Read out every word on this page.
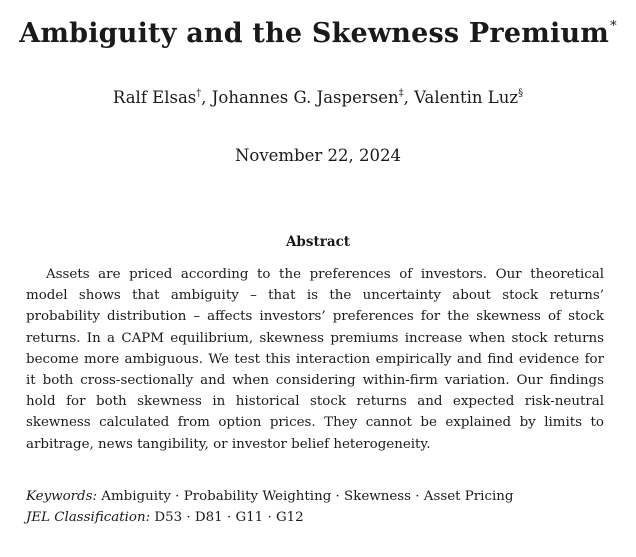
Ambiguity and the Skewness Premium*
Ralf Elsas†, Johannes G. Jaspersen‡, Valentin Luz§
November 22, 2024
Abstract
Assets are priced according to the preferences of investors. Our theoretical model shows that ambiguity – that is the uncertainty about stock returns’ probability distribution – affects investors’ preferences for the skewness of stock returns. In a CAPM equilibrium, skewness premiums increase when stock returns become more ambiguous. We test this interaction empirically and find evidence for it both cross-sectionally and when considering within-firm variation. Our findings hold for both skewness in historical stock returns and expected risk-neutral skewness calculated from option prices. They cannot be explained by limits to arbitrage, news tangibility, or investor belief heterogeneity.
Keywords: Ambiguity · Probability Weighting · Skewness · Asset Pricing
JEL Classification: D53 · D81 · G11 · G12
